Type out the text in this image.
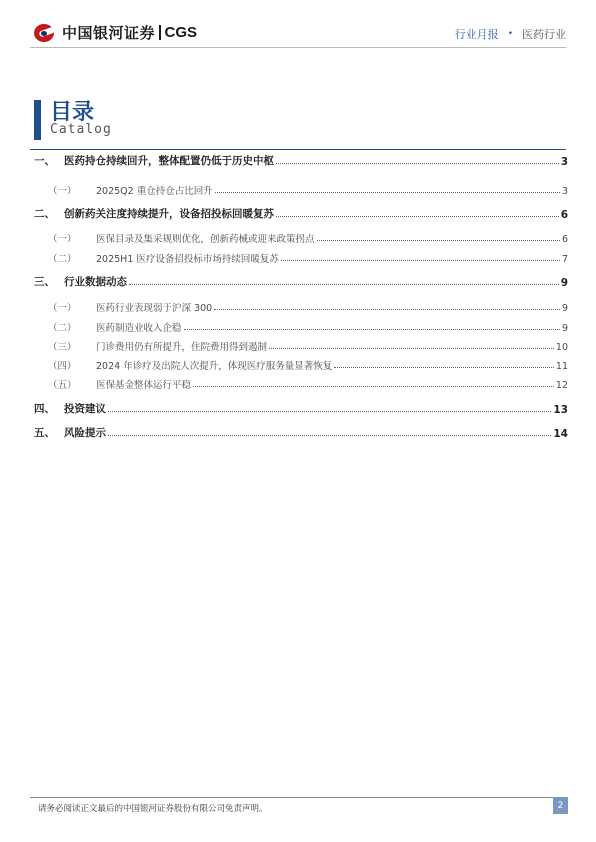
中国银河证券 CGS	行业月报 • 医药行业
目录
Catalog
一、 医药持仓持续回升，整体配置仍低于历史中枢	3
（一）	2025Q2 重仓持仓占比回升	3
二、 创新药关注度持续提升，设备招投标回暖复苏	6
（一）	医保目录及集采规则优化，创新药械或迎来政策拐点	6
（二）	2025H1 医疗设备招投标市场持续回暖复苏	7
三、 行业数据动态	9
（一）	医药行业表现弱于沪深 300	9
（二）	医药制造业收入企稳	9
（三）	门诊费用仍有所提升，住院费用得到遏制	10
（四）	2024 年诊疗及出院人次提升，体现医疗服务量显著恢复	11
（五）	医保基金整体运行平稳	12
四、 投资建议	13
五、 风险提示	14
请务必阅读正文最后的中国银河证券股份有限公司免责声明。	2
